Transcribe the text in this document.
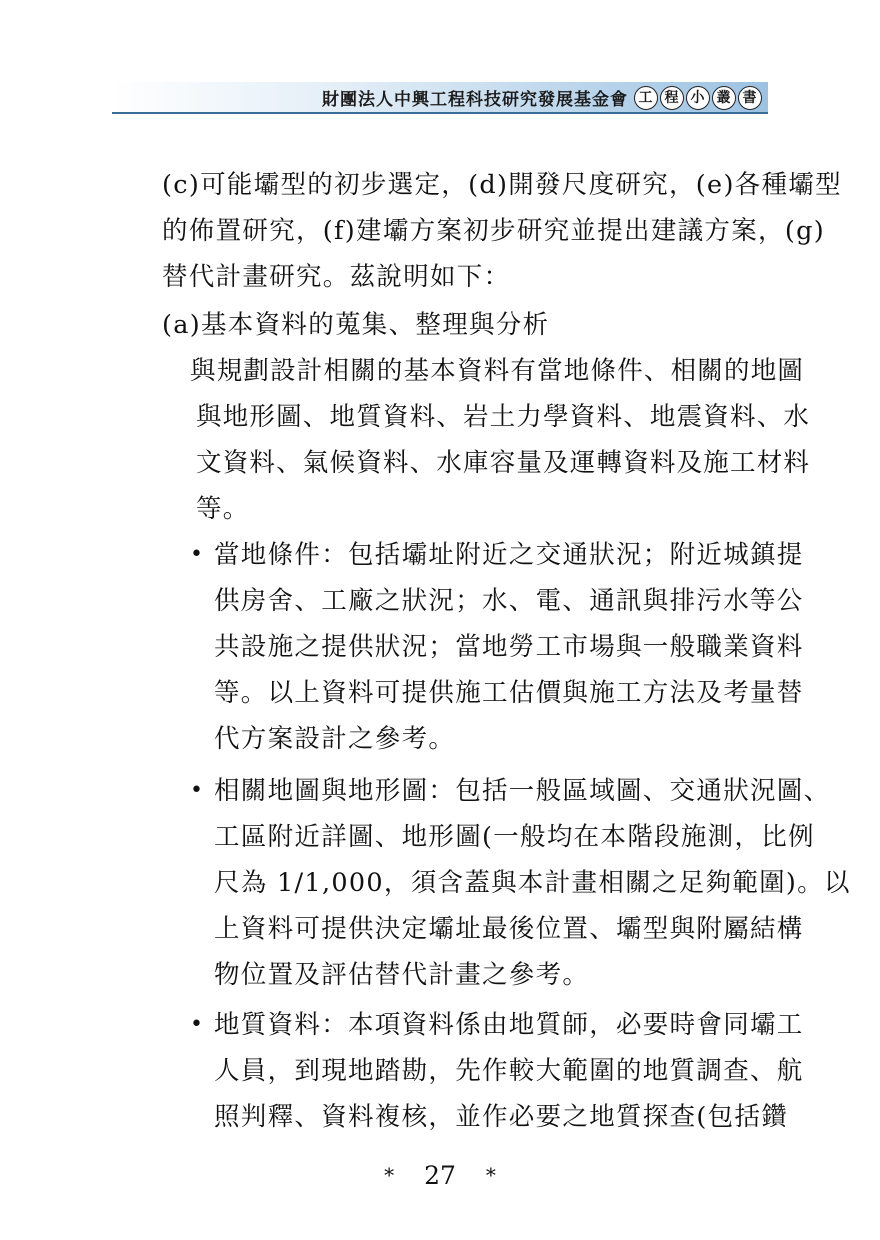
財團法人中興工程科技研究發展基金會 工 程 小 叢 書
(c)可能壩型的初步選定，(d)開發尺度研究，(e)各種壩型
的佈置研究，(f)建壩方案初步研究並提出建議方案，(g)
替代計畫研究。茲說明如下：
(a)基本資料的蒐集、整理與分析
與規劃設計相關的基本資料有當地條件、相關的地圖
與地形圖、地質資料、岩土力學資料、地震資料、水
文資料、氣候資料、水庫容量及運轉資料及施工材料
等。
• 當地條件：包括壩址附近之交通狀況；附近城鎮提
供房舍、工廠之狀況；水、電、通訊與排污水等公
共設施之提供狀況；當地勞工市場與一般職業資料
等。以上資料可提供施工估價與施工方法及考量替
代方案設計之參考。
• 相關地圖與地形圖：包括一般區域圖、交通狀況圖、
工區附近詳圖、地形圖(一般均在本階段施測，比例
尺為 1/1,000，須含蓋與本計畫相關之足夠範圍)。以
上資料可提供決定壩址最後位置、壩型與附屬結構
物位置及評估替代計畫之參考。
• 地質資料：本項資料係由地質師，必要時會同壩工
人員，到現地踏勘，先作較大範圍的地質調查、航
照判釋、資料複核，並作必要之地質探查(包括鑽
* 27 *
